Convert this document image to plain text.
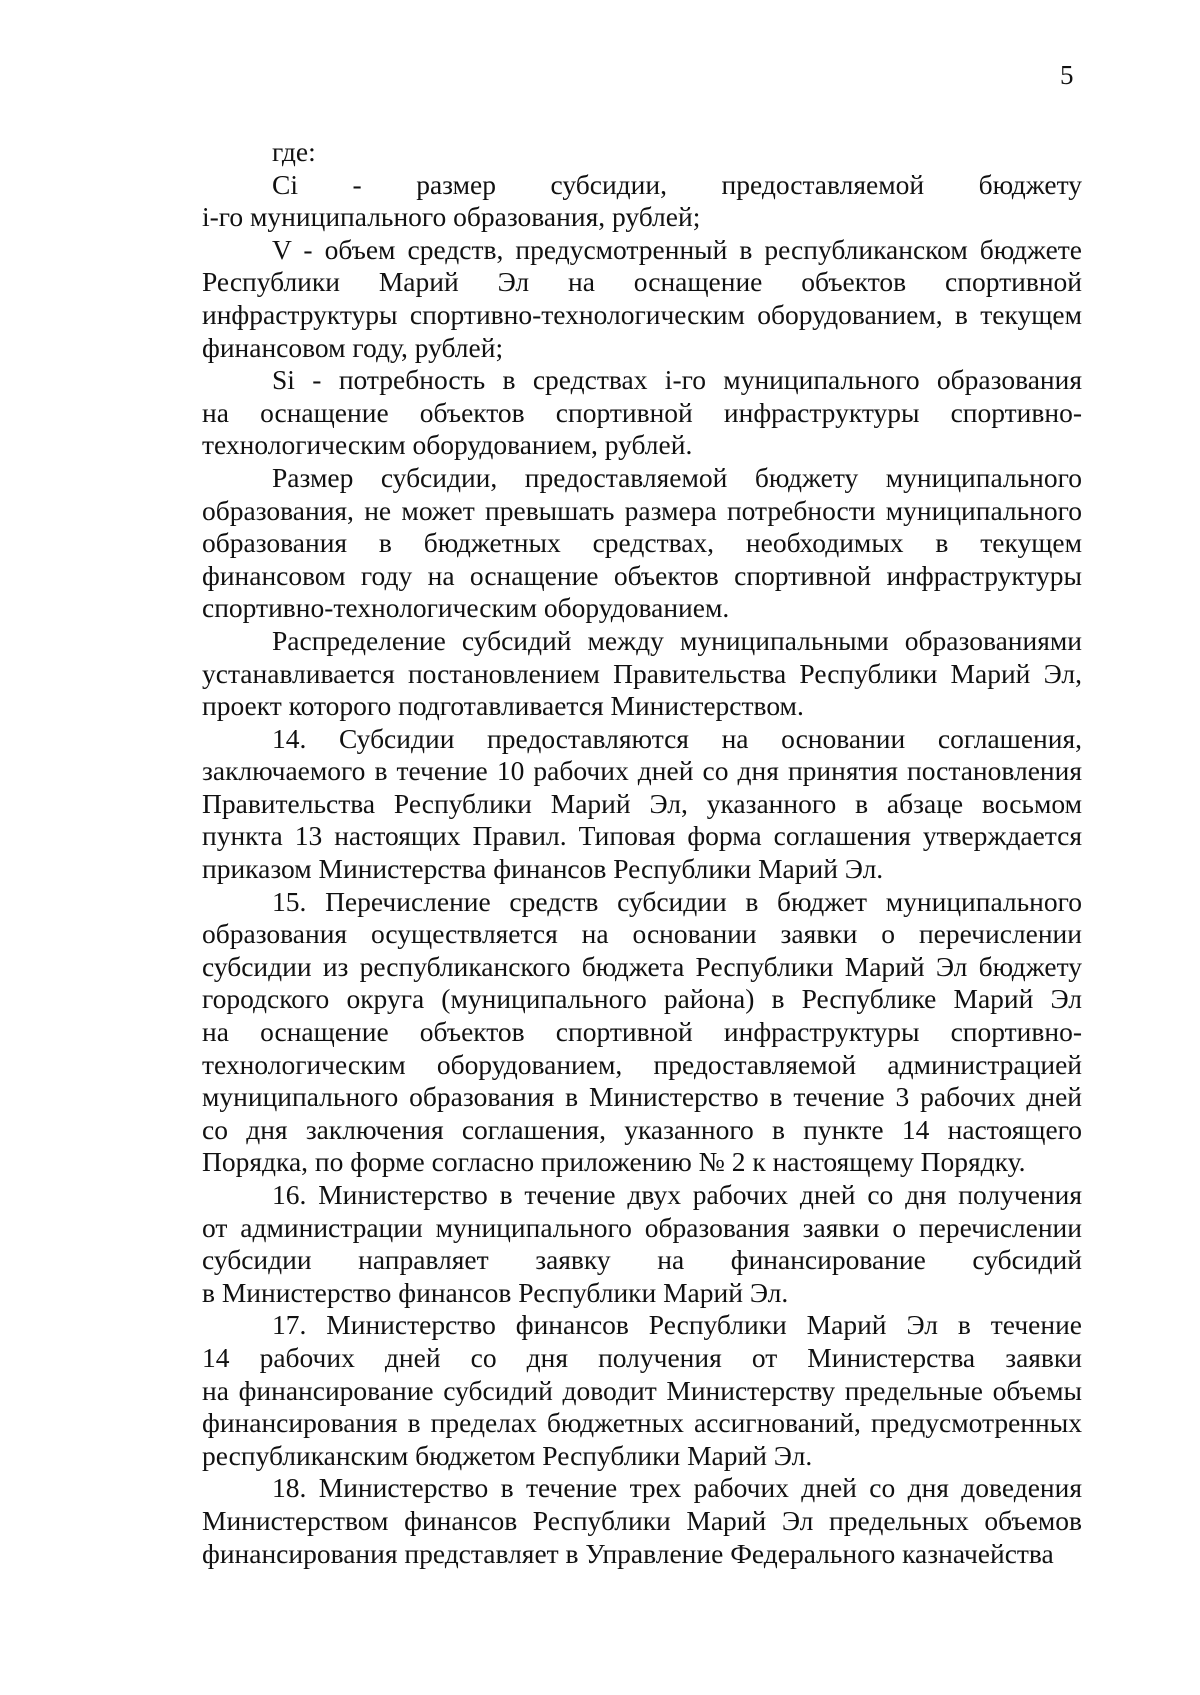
5
где:
Ci - размер субсидии, предоставляемой бюджету
i-го муниципального образования, рублей;
V - объем средств, предусмотренный в республиканском бюджете
Республики Марий Эл на оснащение объектов спортивной
инфраструктуры спортивно-технологическим оборудованием, в текущем
финансовом году, рублей;
Si - потребность в средствах i-го муниципального образования
на оснащение объектов спортивной инфраструктуры спортивно-
технологическим оборудованием, рублей.
Размер субсидии, предоставляемой бюджету муниципального
образования, не может превышать размера потребности муниципального
образования в бюджетных средствах, необходимых в текущем
финансовом году на оснащение объектов спортивной инфраструктуры
спортивно-технологическим оборудованием.
Распределение субсидий между муниципальными образованиями
устанавливается постановлением Правительства Республики Марий Эл,
проект которого подготавливается Министерством.
14. Субсидии предоставляются на основании соглашения,
заключаемого в течение 10 рабочих дней со дня принятия постановления
Правительства Республики Марий Эл, указанного в абзаце восьмом
пункта 13 настоящих Правил. Типовая форма соглашения утверждается
приказом Министерства финансов Республики Марий Эл.
15. Перечисление средств субсидии в бюджет муниципального
образования осуществляется на основании заявки о перечислении
субсидии из республиканского бюджета Республики Марий Эл бюджету
городского округа (муниципального района) в Республике Марий Эл
на оснащение объектов спортивной инфраструктуры спортивно-
технологическим оборудованием, предоставляемой администрацией
муниципального образования в Министерство в течение 3 рабочих дней
со дня заключения соглашения, указанного в пункте 14 настоящего
Порядка, по форме согласно приложению № 2 к настоящему Порядку.
16. Министерство в течение двух рабочих дней со дня получения
от администрации муниципального образования заявки о перечислении
субсидии направляет заявку на финансирование субсидий
в Министерство финансов Республики Марий Эл.
17. Министерство финансов Республики Марий Эл в течение
14 рабочих дней со дня получения от Министерства заявки
на финансирование субсидий доводит Министерству предельные объемы
финансирования в пределах бюджетных ассигнований, предусмотренных
республиканским бюджетом Республики Марий Эл.
18. Министерство в течение трех рабочих дней со дня доведения
Министерством финансов Республики Марий Эл предельных объемов
финансирования представляет в Управление Федерального казначейства
